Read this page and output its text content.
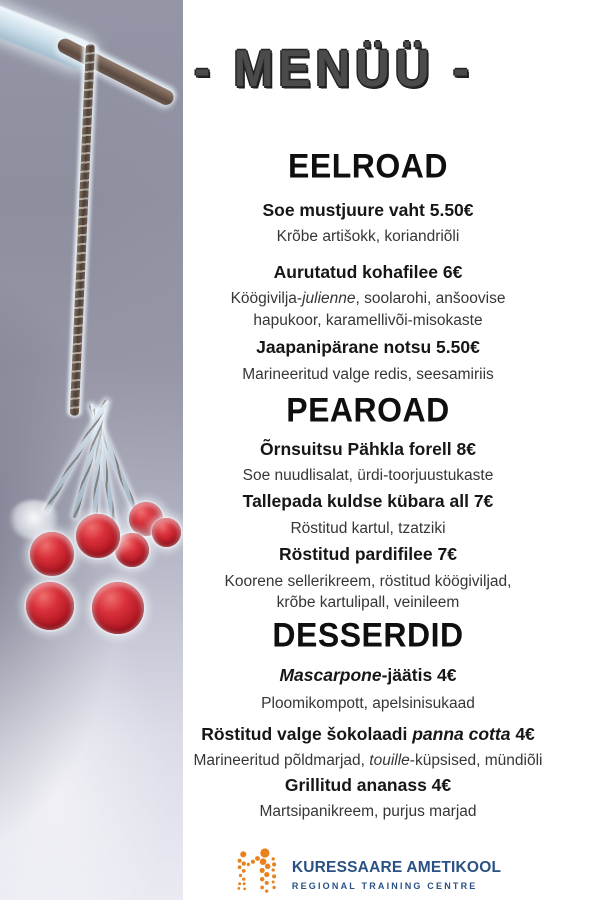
- MENÜÜ -
EELROAD
Soe mustjuure vaht 5.50€
Krõbe artišokk, koriandriõli
Aurutatud kohafilee 6€
Köögivilja-julienne, soolarohi, anšoovise
hapukoor, karamellivõi-misokaste
Jaapanipärane notsu 5.50€
Marineeritud valge redis, seesamiriis
PEAROAD
Õrnsuitsu Pähkla forell 8€
Soe nuudlisalat, ürdi-toorjuustukaste
Tallepada kuldse kübara all 7€
Röstitud kartul, tzatziki
Röstitud pardifilee 7€
Koorene sellerikreem, röstitud köögiviljad,
krõbe kartulipall, veinileem
DESSERDID
Mascarpone-jäätis 4€
Ploomikompott, apelsinisukaad
Röstitud valge šokolaadi panna cotta 4€
Marineeritud põldmarjad, touille-küpsised, mündiõli
Grillitud ananass 4€
Martsipanikreem, purjus marjad
KURESSAARE AMETIKOOL
REGIONAL TRAINING CENTRE
